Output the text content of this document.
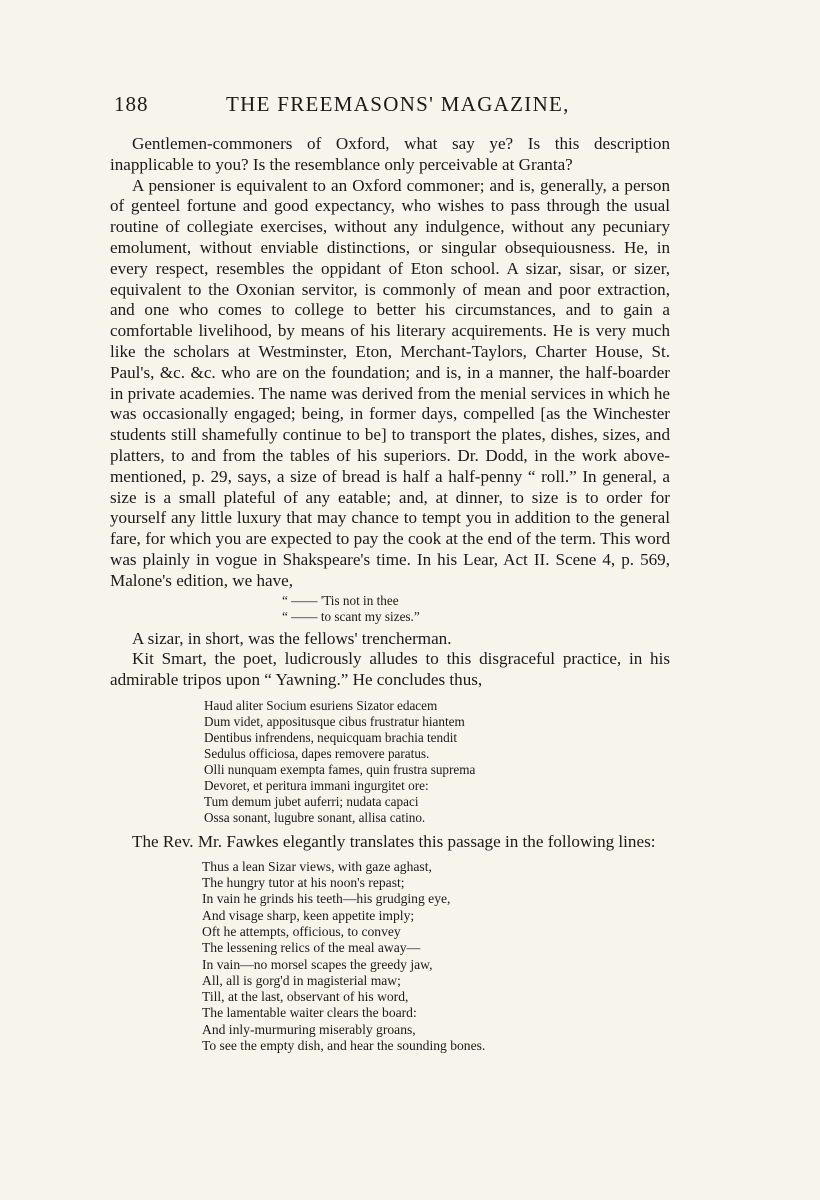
188	THE FREEMASONS' MAGAZINE,

Gentlemen-commoners of Oxford, what say ye? Is this description inapplicable to you? Is the resemblance only perceivable at Granta?

A pensioner is equivalent to an Oxford commoner; and is, generally, a person of genteel fortune and good expectancy, who wishes to pass through the usual routine of collegiate exercises, without any indulgence, without any pecuniary emolument, without enviable distinctions, or singular obsequiousness. He, in every respect, resembles the oppidant of Eton school. A sizar, sisar, or sizer, equivalent to the Oxonian servitor, is commonly of mean and poor extraction, and one who comes to college to better his circumstances, and to gain a comfortable livelihood, by means of his literary acquirements. He is very much like the scholars at Westminster, Eton, Merchant-Taylors, Charter House, St. Paul's, &c. &c. who are on the foundation; and is, in a manner, the half-boarder in private academies. The name was derived from the menial services in which he was occasionally engaged; being, in former days, compelled [as the Winchester students still shamefully continue to be] to transport the plates, dishes, sizes, and platters, to and from the tables of his superiors. Dr. Dodd, in the work above-mentioned, p. 29, says, a size of bread is half a half-penny “ roll.” In general, a size is a small plateful of any eatable; and, at dinner, to size is to order for yourself any little luxury that may chance to tempt you in addition to the general fare, for which you are expected to pay the cook at the end of the term. This word was plainly in vogue in Shakspeare's time. In his Lear, Act II. Scene 4, p. 569, Malone's edition, we have,

“ —— 'Tis not in thee
“ —— to scant my sizes.”

A sizar, in short, was the fellows' trencherman.

Kit Smart, the poet, ludicrously alludes to this disgraceful practice, in his admirable tripos upon “ Yawning.” He concludes thus,

Haud aliter Socium esuriens Sizator edacem
Dum videt, appositusque cibus frustratur hiantem
Dentibus infrendens, nequicquam brachia tendit
Sedulus officiosa, dapes removere paratus.
Olli nunquam exempta fames, quin frustra suprema
Devoret, et peritura immani ingurgitet ore:
Tum demum jubet auferri; nudata capaci
Ossa sonant, lugubre sonant, allisa catino.

The Rev. Mr. Fawkes elegantly translates this passage in the following lines:

Thus a lean Sizar views, with gaze aghast,
The hungry tutor at his noon's repast;
In vain he grinds his teeth—his grudging eye,
And visage sharp, keen appetite imply;
Oft he attempts, officious, to convey
The lessening relics of the meal away—
In vain—no morsel scapes the greedy jaw,
All, all is gorg'd in magisterial maw;
Till, at the last, observant of his word,
The lamentable waiter clears the board:
And inly-murmuring miserably groans,
To see the empty dish, and hear the sounding bones.
